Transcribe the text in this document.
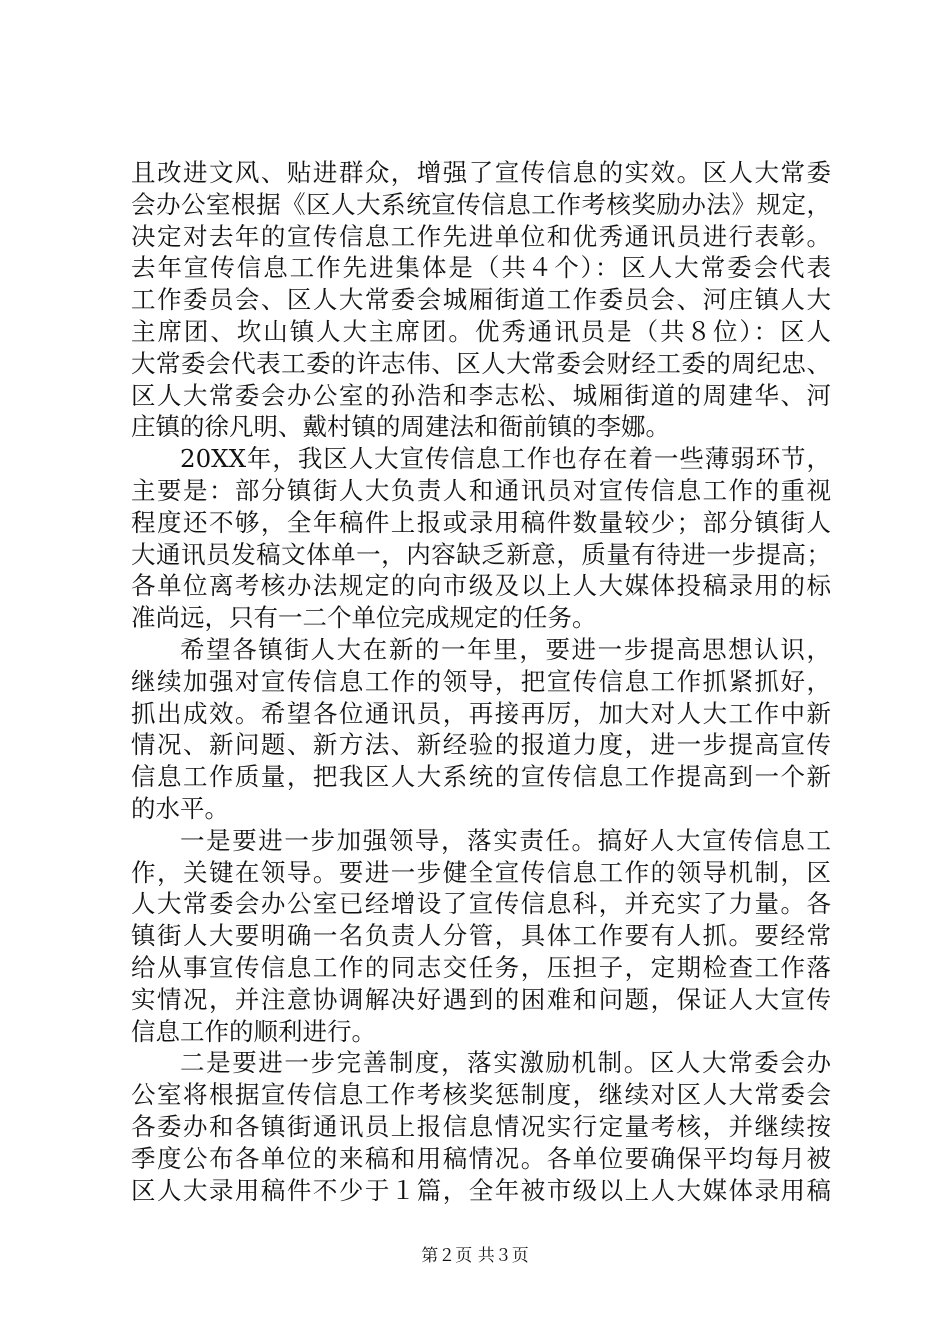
且改进文风、贴进群众，增强了宣传信息的实效。区人大常委
会办公室根据《区人大系统宣传信息工作考核奖励办法》规定，
决定对去年的宣传信息工作先进单位和优秀通讯员进行表彰。
去年宣传信息工作先进集体是（共４个）：区人大常委会代表
工作委员会、区人大常委会城厢街道工作委员会、河庄镇人大
主席团、坎山镇人大主席团。优秀通讯员是（共８位）：区人
大常委会代表工委的许志伟、区人大常委会财经工委的周纪忠、
区人大常委会办公室的孙浩和李志松、城厢街道的周建华、河
庄镇的徐凡明、戴村镇的周建法和衙前镇的李娜。
20XX年，我区人大宣传信息工作也存在着一些薄弱环节，
主要是：部分镇街人大负责人和通讯员对宣传信息工作的重视
程度还不够，全年稿件上报或录用稿件数量较少；部分镇街人
大通讯员发稿文体单一，内容缺乏新意，质量有待进一步提高；
各单位离考核办法规定的向市级及以上人大媒体投稿录用的标
准尚远，只有一二个单位完成规定的任务。
希望各镇街人大在新的一年里，要进一步提高思想认识，
继续加强对宣传信息工作的领导，把宣传信息工作抓紧抓好，
抓出成效。希望各位通讯员，再接再厉，加大对人大工作中新
情况、新问题、新方法、新经验的报道力度，进一步提高宣传
信息工作质量，把我区人大系统的宣传信息工作提高到一个新
的水平。
一是要进一步加强领导，落实责任。搞好人大宣传信息工
作，关键在领导。要进一步健全宣传信息工作的领导机制，区
人大常委会办公室已经增设了宣传信息科，并充实了力量。各
镇街人大要明确一名负责人分管，具体工作要有人抓。要经常
给从事宣传信息工作的同志交任务，压担子，定期检查工作落
实情况，并注意协调解决好遇到的困难和问题，保证人大宣传
信息工作的顺利进行。
二是要进一步完善制度，落实激励机制。区人大常委会办
公室将根据宣传信息工作考核奖惩制度，继续对区人大常委会
各委办和各镇街通讯员上报信息情况实行定量考核，并继续按
季度公布各单位的来稿和用稿情况。各单位要确保平均每月被
区人大录用稿件不少于１篇，全年被市级以上人大媒体录用稿
第２页 共３页
